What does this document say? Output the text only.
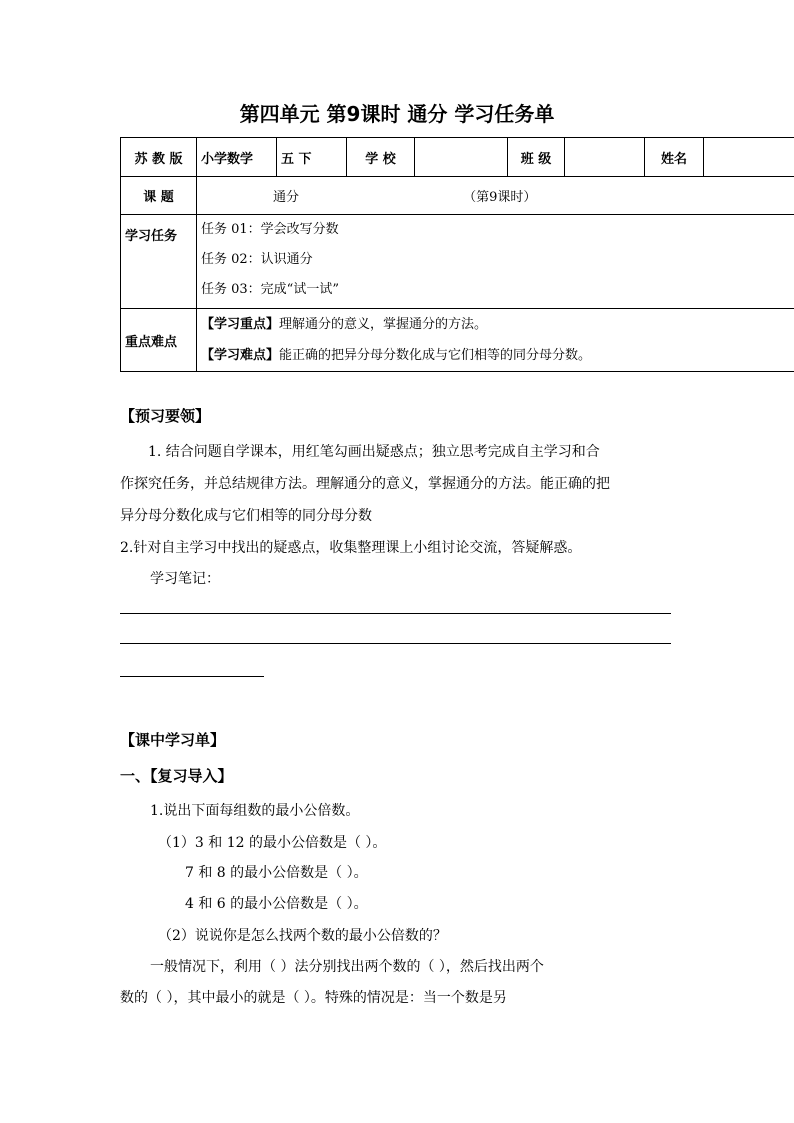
第四单元 第9课时 通分 学习任务单
苏 教 版	小学数学	五 下	学 校		班 级		姓名	
课 题	通分 （第9课时）							
学习任务	任务 01：学会改写分数
任务 02：认识通分
任务 03：完成“试一试”							

重点难点	【学习重点】理解通分的意义，掌握通分的方法。
【学习难点】能正确的把异分母分数化成与它们相等的同分母分数。							
【预习要领】
1. 结合问题自学课本，用红笔勾画出疑惑点；独立思考完成自主学习和合
作探究任务，并总结规律方法。理解通分的意义，掌握通分的方法。能正确的把
异分母分数化成与它们相等的同分母分数
2.针对自主学习中找出的疑惑点，收集整理课上小组讨论交流，答疑解惑。
学习笔记：
【课中学习单】
一、【复习导入】
1.说出下面每组数的最小公倍数。
（1）3 和 12 的最小公倍数是（ ）。
7 和 8 的最小公倍数是（ ）。
4 和 6 的最小公倍数是（ ）。
（2）说说你是怎么找两个数的最小公倍数的？
一般情况下，利用（ ）法分别找出两个数的（ ），然后找出两个
数的（ ），其中最小的就是（ ）。特殊的情况是：当一个数是另
